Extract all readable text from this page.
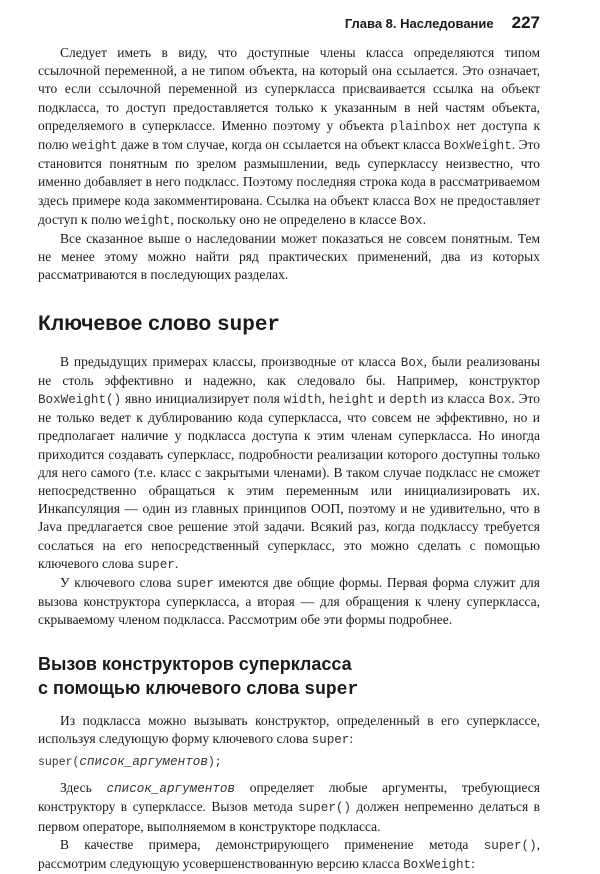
Глава 8. Наследование 227

Следует иметь в виду, что доступные члены класса определяются типом ссылочной переменной, а не типом объекта, на который она ссылается. Это означает, что если ссылочной переменной из суперкласса присваивается ссылка на объект подкласса, то доступ предоставляется только к указанным в ней частям объекта, определяемого в суперклассе. Именно поэтому у объекта plainbox нет доступа к полю weight даже в том случае, когда он ссылается на объект класса BoxWeight. Это становится понятным по зрелом размышлении, ведь суперклассу неизвестно, что именно добавляет в него подкласс. Поэтому последняя строка кода в рассматриваемом здесь примере кода закомментирована. Ссылка на объект класса Box не предоставляет доступ к полю weight, поскольку оно не определено в классе Box.

Все сказанное выше о наследовании может показаться не совсем понятным. Тем не менее этому можно найти ряд практических применений, два из которых рассматриваются в последующих разделах.

Ключевое слово super

В предыдущих примерах классы, производные от класса Box, были реализованы не столь эффективно и надежно, как следовало бы. Например, конструктор BoxWeight() явно инициализирует поля width, height и depth из класса Box. Это не только ведет к дублированию кода суперкласса, что совсем не эффективно, но и предполагает наличие у подкласса доступа к этим членам суперкласса. Но иногда приходится создавать суперкласс, подробности реализации которого доступны только для него самого (т.е. класс с закрытыми членами). В таком случае подкласс не сможет непосредственно обращаться к этим переменным или инициализировать их. Инкапсуляция — один из главных принципов ООП, поэтому и не удивительно, что в Java предлагается свое решение этой задачи. Всякий раз, когда подклассу требуется сослаться на его непосредственный суперкласс, это можно сделать с помощью ключевого слова super.

У ключевого слова super имеются две общие формы. Первая форма служит для вызова конструктора суперкласса, а вторая — для обращения к члену суперкласса, скрываемому членом подкласса. Рассмотрим обе эти формы подробнее.

Вызов конструкторов суперкласса
с помощью ключевого слова super

Из подкласса можно вызывать конструктор, определенный в его суперклассе, используя следующую форму ключевого слова super:

super(список_аргументов);

Здесь список_аргументов определяет любые аргументы, требующиеся конструктору в суперклассе. Вызов метода super() должен непременно делаться в первом операторе, выполняемом в конструкторе подкласса.

В качестве примера, демонстрирующего применение метода super(), рассмотрим следующую усовершенствованную версию класса BoxWeight:
